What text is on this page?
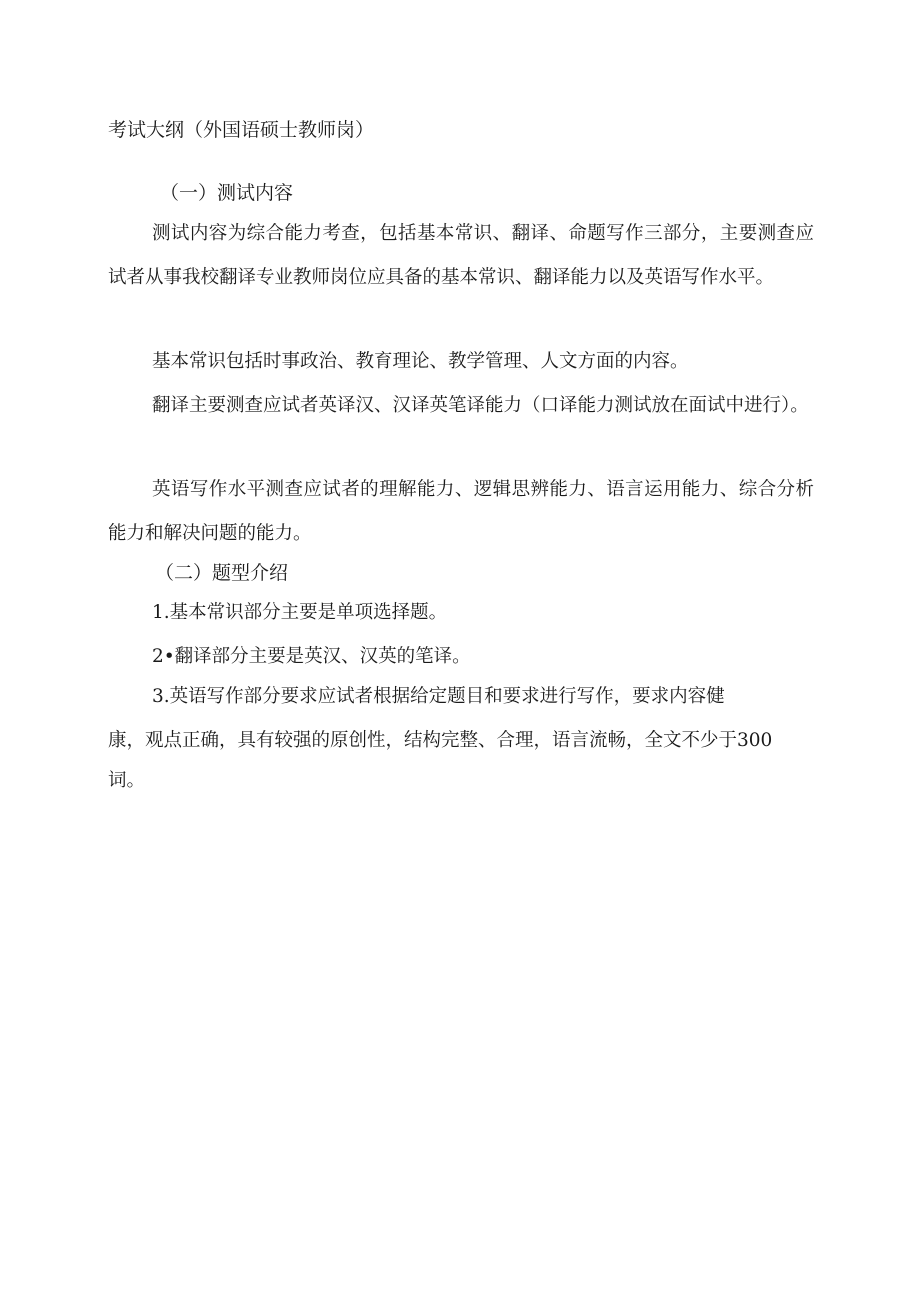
考试大纲（外国语硕士教师岗）
（一）测试内容

测试内容为综合能力考查，包括基本常识、翻译、命题写作三部分，主要测查应试者从事我校翻译专业教师岗位应具备的基本常识、翻译能力以及英语写作水平。

基本常识包括时事政治、教育理论、教学管理、人文方面的内容。

翻译主要测查应试者英译汉、汉译英笔译能力（口译能力测试放在面试中进行）。

英语写作水平测查应试者的理解能力、逻辑思辨能力、语言运用能力、综合分析能力和解决问题的能力。

（二）题型介绍
1.基本常识部分主要是单项选择题。
2•翻译部分主要是英汉、汉英的笔译。
3.英语写作部分要求应试者根据给定题目和要求进行写作，要求内容健
康，观点正确，具有较强的原创性，结构完整、合理，语言流畅，全文不少于300
词。
